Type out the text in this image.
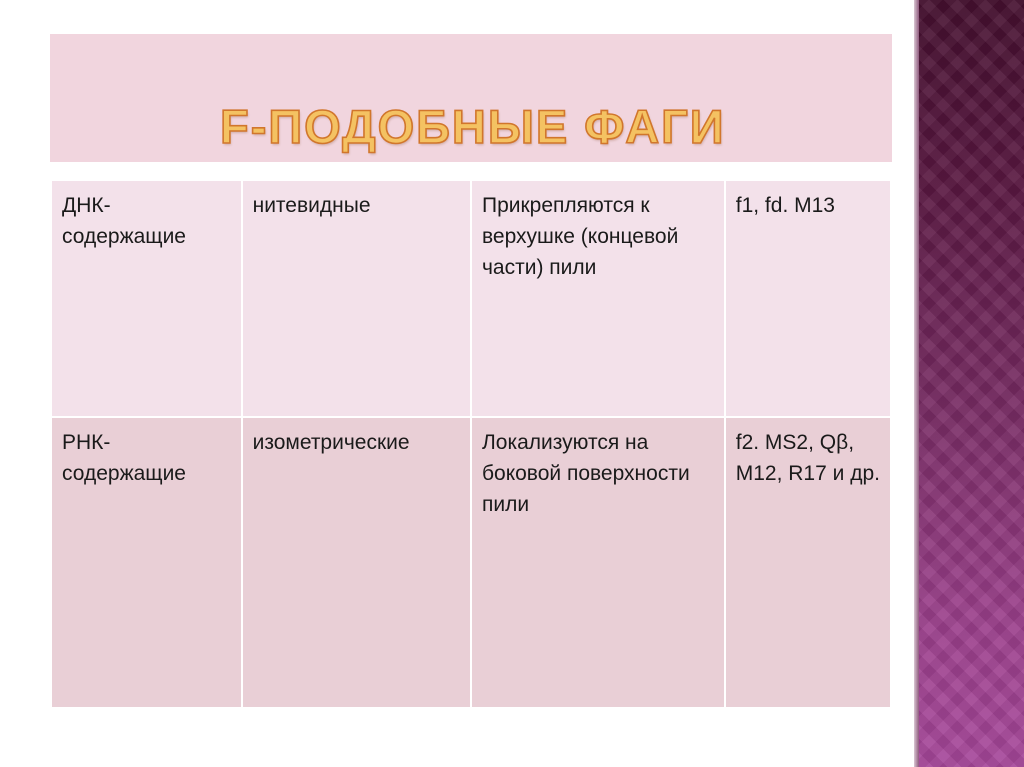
F-ПОДОБНЫЕ ФАГИ
ДНК-
содержащие	нитевидные	Прикрепляются к верхушке (концевой части) пили	f1, fd. M13
РНК-
содержащие	изометрические	Локализуются на боковой поверхности пили	f2. MS2, Qβ, M12, R17 и др.
